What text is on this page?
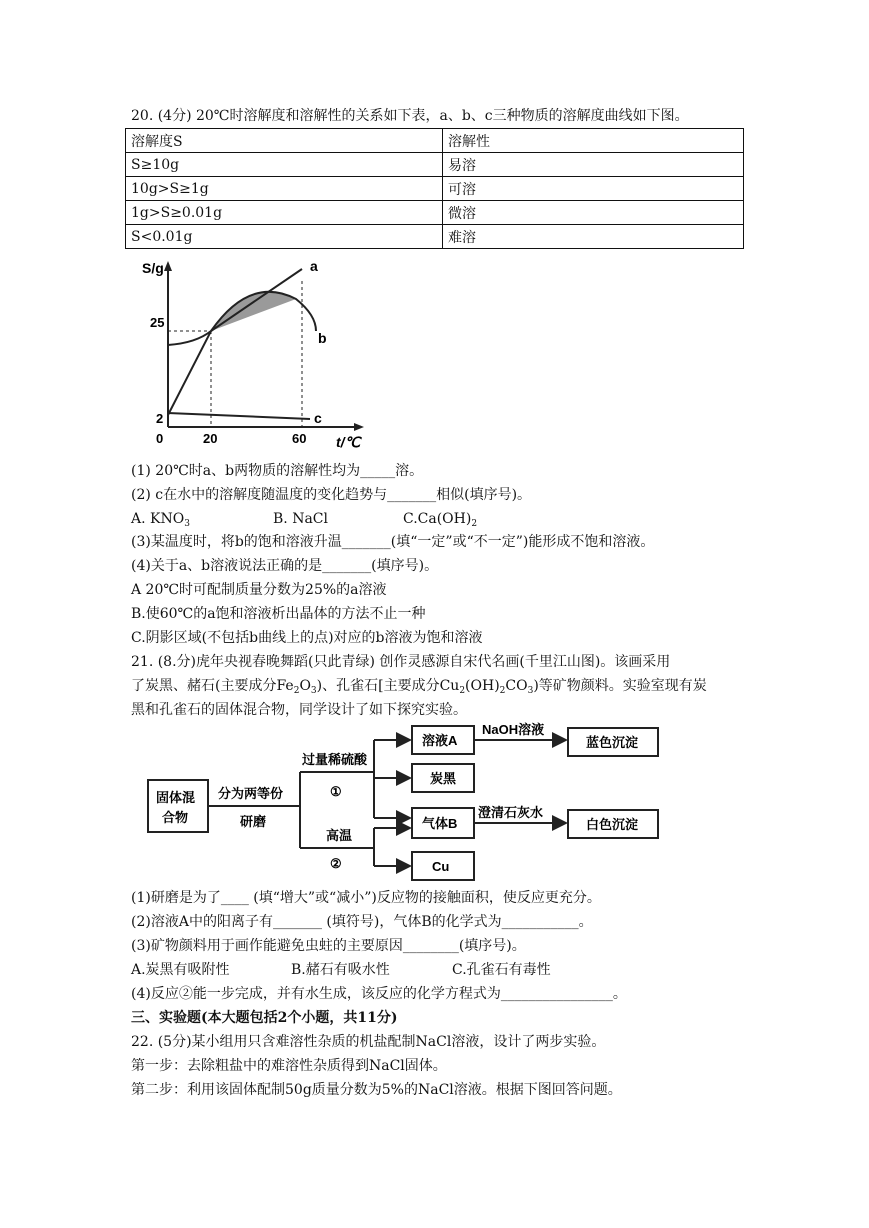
20. (4分) 20℃时溶解度和溶解性的关系如下表，a、b、c三种物质的溶解度曲线如下图。
溶解度S	溶解性
S≥10g	易溶
10g>S≥1g	可溶
1g>S≥0.01g	微溶
S<0.01g	难溶
S/g
t/℃
25
2
0	20	60
a
b
c
(1) 20℃时a、b两物质的溶解性均为_____溶。
(2) c在水中的溶解度随温度的变化趋势与_______相似(填序号)。
A. $KNO_3$	B. NaCl	$C.Ca(OH)_2$
(3)某温度时，将b的饱和溶液升温_______(填“一定”或“不一定”)能形成不饱和溶液。
(4)关于a、b溶液说法正确的是_______(填序号)。
A 20℃时可配制质量分数为25%的a溶液
B.使60℃的a饱和溶液析出晶体的方法不止一种
C.阴影区域(不包括b曲线上的点)对应的b溶液为饱和溶液
21. (8.分)虎年央视春晚舞蹈(只此青绿) 创作灵感源自宋代名画(千里江山图)。该画采用
了炭黑、赭石(主要成分$Fe_2O_3$)、孔雀石[主要成分$Cu_2(OH)_2CO_3$)等矿物颜料。实验室现有炭
黑和孔雀石的固体混合物，同学设计了如下探究实验。
固体混
合物
分为两等份
研磨
过量稀硫酸
①
高温
②
溶液A
炭黑
气体B
Cu
NaOH溶液
澄清石灰水
蓝色沉淀
白色沉淀
(1)研磨是为了____ (填“增大”或“减小”)反应物的接触面积，使反应更充分。
(2)溶液A中的阳离子有_______ (填符号)，气体B的化学式为___________。
(3)矿物颜料用于画作能避免虫蛀的主要原因________(填序号)。
A.炭黑有吸附性	B.赭石有吸水性	C.孔雀石有毒性
(4)反应②能一步完成，并有水生成，该反应的化学方程式为________________。
三、实验题(本大题包括2个小题，共11分)
22. (5分)某小组用只含难溶性杂质的机盐配制NaCl溶液，设计了两步实验。
第一步：去除粗盐中的难溶性杂质得到NaCl固体。
第二步：利用该固体配制50g质量分数为5%的NaCl溶液。根据下图回答问题。
